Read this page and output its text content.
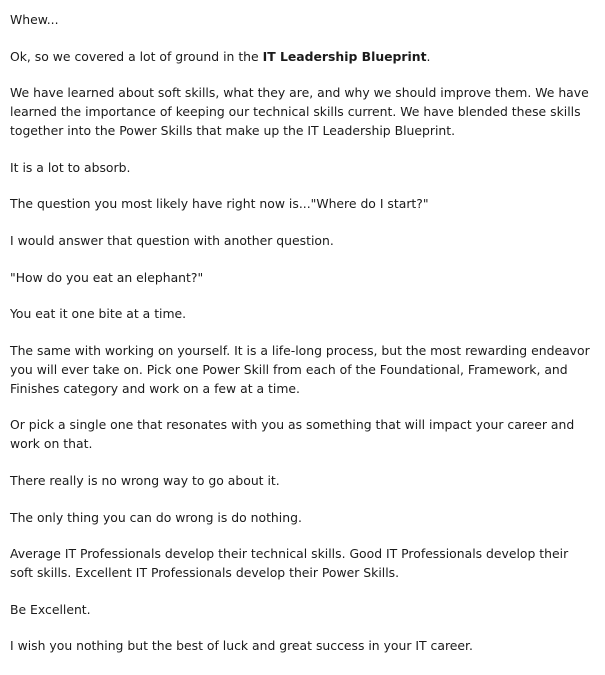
Whew...

Ok, so we covered a lot of ground in the IT Leadership Blueprint.

We have learned about soft skills, what they are, and why we should improve them. We have learned the importance of keeping our technical skills current. We have blended these skills together into the Power Skills that make up the IT Leadership Blueprint.

It is a lot to absorb.

The question you most likely have right now is..."Where do I start?"

I would answer that question with another question.

"How do you eat an elephant?"

You eat it one bite at a time.

The same with working on yourself. It is a life-long process, but the most rewarding endeavor you will ever take on. Pick one Power Skill from each of the Foundational, Framework, and Finishes category and work on a few at a time.

Or pick a single one that resonates with you as something that will impact your career and work on that.

There really is no wrong way to go about it.

The only thing you can do wrong is do nothing.

Average IT Professionals develop their technical skills. Good IT Professionals develop their soft skills. Excellent IT Professionals develop their Power Skills.

Be Excellent.

I wish you nothing but the best of luck and great success in your IT career.
